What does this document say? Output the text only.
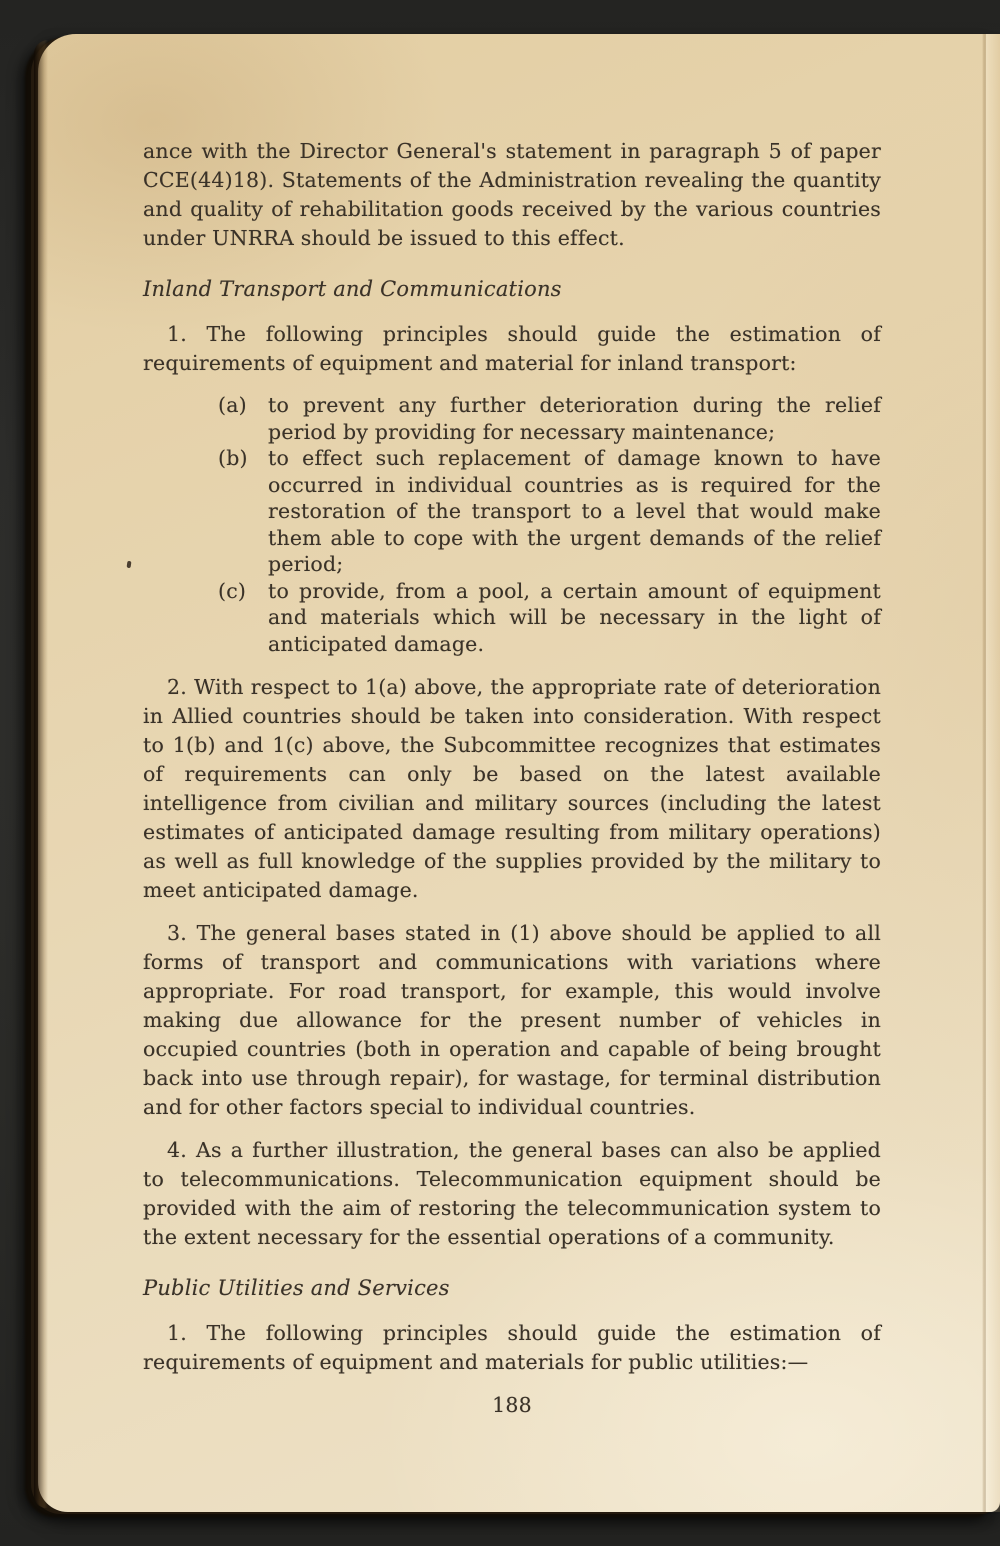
ance with the Director General's statement in paragraph 5 of paper CCE(44)18). Statements of the Administration revealing the quantity and quality of rehabilitation goods received by the various countries under UNRRA should be issued to this effect.

Inland Transport and Communications

1. The following principles should guide the estimation of requirements of equipment and material for inland transport:

(a)	to prevent any further deterioration during the relief period by providing for necessary maintenance;
(b) to effect such replacement of damage known to have occurred in individual countries as is required for the restoration of the transport to a level that would make them able to cope with the urgent demands of the relief period;
(c)	to provide, from a pool, a certain amount of equipment and materials which will be necessary in the light of anticipated damage.

2. With respect to 1(a) above, the appropriate rate of deterioration in Allied countries should be taken into consideration. With respect to 1(b) and 1(c) above, the Subcommittee recognizes that estimates of requirements can only be based on the latest available intelligence from civilian and military sources (including the latest estimates of anticipated damage resulting from military operations) as well as full knowledge of the supplies provided by the military to meet anticipated damage.

3. The general bases stated in (1) above should be applied to all forms of transport and communications with variations where appropriate. For road transport, for example, this would involve making due allowance for the present number of vehicles in occupied countries (both in operation and capable of being brought back into use through repair), for wastage, for terminal distribution and for other factors special to individual countries.

4. As a further illustration, the general bases can also be applied to telecommunications. Telecommunication equipment should be provided with the aim of restoring the telecommunication system to the extent necessary for the essential operations of a community.

Public Utilities and Services

1. The following principles should guide the estimation of requirements of equipment and materials for public utilities:—

188
